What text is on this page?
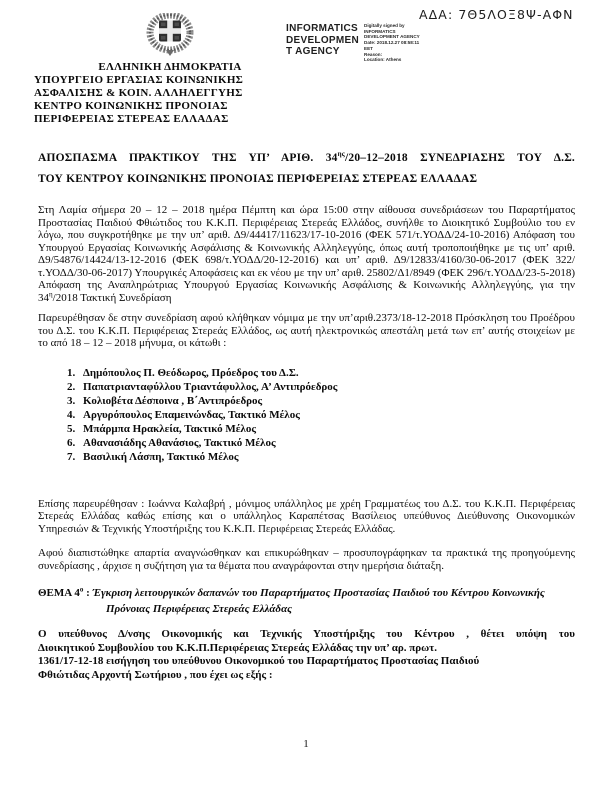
ΑΔΑ: 7Θ5ΛΟΞ8Ψ-ΑΦΝ
INFORMATICS
DEVELOPMEN
T AGENCY
Digitally signed by
INFORMATICS
DEVELOPMENT AGENCY
Date: 2018.12.27 08:58:11
EET
Reason:
Location: Athens
ΕΛΛΗΝΙΚΗ ΔΗΜΟΚΡΑΤΙΑ
ΥΠΟΥΡΓΕΙΟ ΕΡΓΑΣΙΑΣ ΚΟΙΝΩΝΙΚΗΣ
ΑΣΦΑΛΙΣΗΣ & ΚΟΙΝ. ΑΛΛΗΛΕΓΓΥΗΣ
ΚΕΝΤΡΟ ΚΟΙΝΩΝΙΚΗΣ ΠΡΟΝΟΙΑΣ
ΠΕΡΙΦΕΡΕΙΑΣ ΣΤΕΡΕΑΣ ΕΛΛΑΔΑΣ
ΑΠΟΣΠΑΣΜΑ ΠΡΑΚΤΙΚΟΥ ΤΗΣ ΥΠ’ ΑΡΙΘ. $34^{\eta\varsigma}/20-12-2018$ ΣΥΝΕΔΡΙΑΣΗΣ ΤΟΥ Δ.Σ.
ΤΟΥ ΚΕΝΤΡΟΥ ΚΟΙΝΩΝΙΚΗΣ ΠΡΟΝΟΙΑΣ ΠΕΡΙΦΕΡΕΙΑΣ ΣΤΕΡΕΑΣ ΕΛΛΑΔΑΣ

Στη Λαμία σήμερα 20 – 12 – 2018 ημέρα Πέμπτη και ώρα 15:00 στην αίθουσα συνεδριάσεων του Παραρτήματος Προστασίας Παιδιού Φθιώτιδος του Κ.Κ.Π. Περιφέρειας Στερεάς Ελλάδος, συνήλθε το Διοικητικό Συμβούλιο του εν λόγω, που συγκροτήθηκε με την υπ’ αριθ. Δ9/44417/11623/17-10-2016 (ΦΕΚ 571/τ.ΥΟΔΔ/24-10-2016) Απόφαση του Υπουργού Εργασίας Κοινωνικής Ασφάλισης & Κοινωνικής Αλληλεγγύης, όπως αυτή τροποποιήθηκε με τις υπ’ αριθ. Δ9/54876/14424/13-12-2016 (ΦΕΚ 698/τ.ΥΟΔΔ/20-12-2016) και υπ’ αριθ. Δ9/12833/4160/30-06-2017 (ΦΕΚ 322/τ.ΥΟΔΔ/30-06-2017) Υπουργικές Αποφάσεις και εκ νέου με την υπ’ αριθ. 25802/Δ1/8949 (ΦΕΚ 296/τ.ΥΟΔΔ/23-5-2018) Απόφαση της Αναπληρώτριας Υπουργού Εργασίας Κοινωνικής Ασφάλισης & Κοινωνικής Αλληλεγγύης, για την $34^\eta/2018$ Τακτική Συνεδρίαση

Παρευρέθησαν δε στην συνεδρίαση αφού κλήθηκαν νόμιμα με την υπ’αριθ.2373/18-12-2018 Πρόσκληση του Προέδρου του Δ.Σ. του Κ.Κ.Π. Περιφέρειας Στερεάς Ελλάδος, ως αυτή ηλεκτρονικώς απεστάλη μετά των επ’ αυτής στοιχείων με το από 18 – 12 – 2018 μήνυμα, οι κάτωθι :

1. Δημόπουλος Π. Θεόδωρος, Πρόεδρος του Δ.Σ.
2. Παπατριανταφύλλου Τριαντάφυλλος, Α’ Αντιπρόεδρος
3. Κολιοβέτα Δέσποινα , Β΄Αντιπρόεδρος
4. Αργυρόπουλος Επαμεινώνδας, Τακτικό Μέλος
5. Μπάρμπα Ηρακλεία, Τακτικό Μέλος
6. Αθανασιάδης Αθανάσιος, Τακτικό Μέλος
7. Βασιλική Λάσπη, Τακτικό Μέλος

Επίσης παρευρέθησαν : Ιωάννα Καλαβρή , μόνιμος υπάλληλος με χρέη Γραμματέως του Δ.Σ. του Κ.Κ.Π. Περιφέρειας Στερεάς Ελλάδας καθώς επίσης και ο υπάλληλος Καραπέτσας Βασίλειος υπεύθυνος Διεύθυνσης Οικονομικών Υπηρεσιών & Τεχνικής Υποστήριξης του Κ.Κ.Π. Περιφέρειας Στερεάς Ελλάδας.

Αφού διαπιστώθηκε απαρτία αναγνώσθηκαν και επικυρώθηκαν – προσυπογράφηκαν τα πρακτικά της προηγούμενης συνεδρίασης , άρχισε η συζήτηση για τα θέματα που αναγράφονται στην ημερήσια διάταξη.

ΘΕΜΑ $4^o$ : Έγκριση λειτουργικών δαπανών του Παραρτήματος Προστασίας Παιδιού του Κέντρου Κοινωνικής Πρόνοιας Περιφέρειας Στερεάς Ελλάδας
Ο υπεύθυνος Δ/νσης Οικονομικής και Τεχνικής Υποστήριξης του Κέντρου , θέτει υπόψη του
Διοικητικού Συμβουλίου του Κ.Κ.Π.Περιφέρειας Στερεάς Ελλάδας την υπ’ αρ. πρωτ.
1361/17-12-18 εισήγηση του υπεύθυνου Οικονομικού του Παραρτήματος Προστασίας Παιδιού
Φθιώτιδας Αρχοντή Σωτήριου , που έχει ως εξής :
1
